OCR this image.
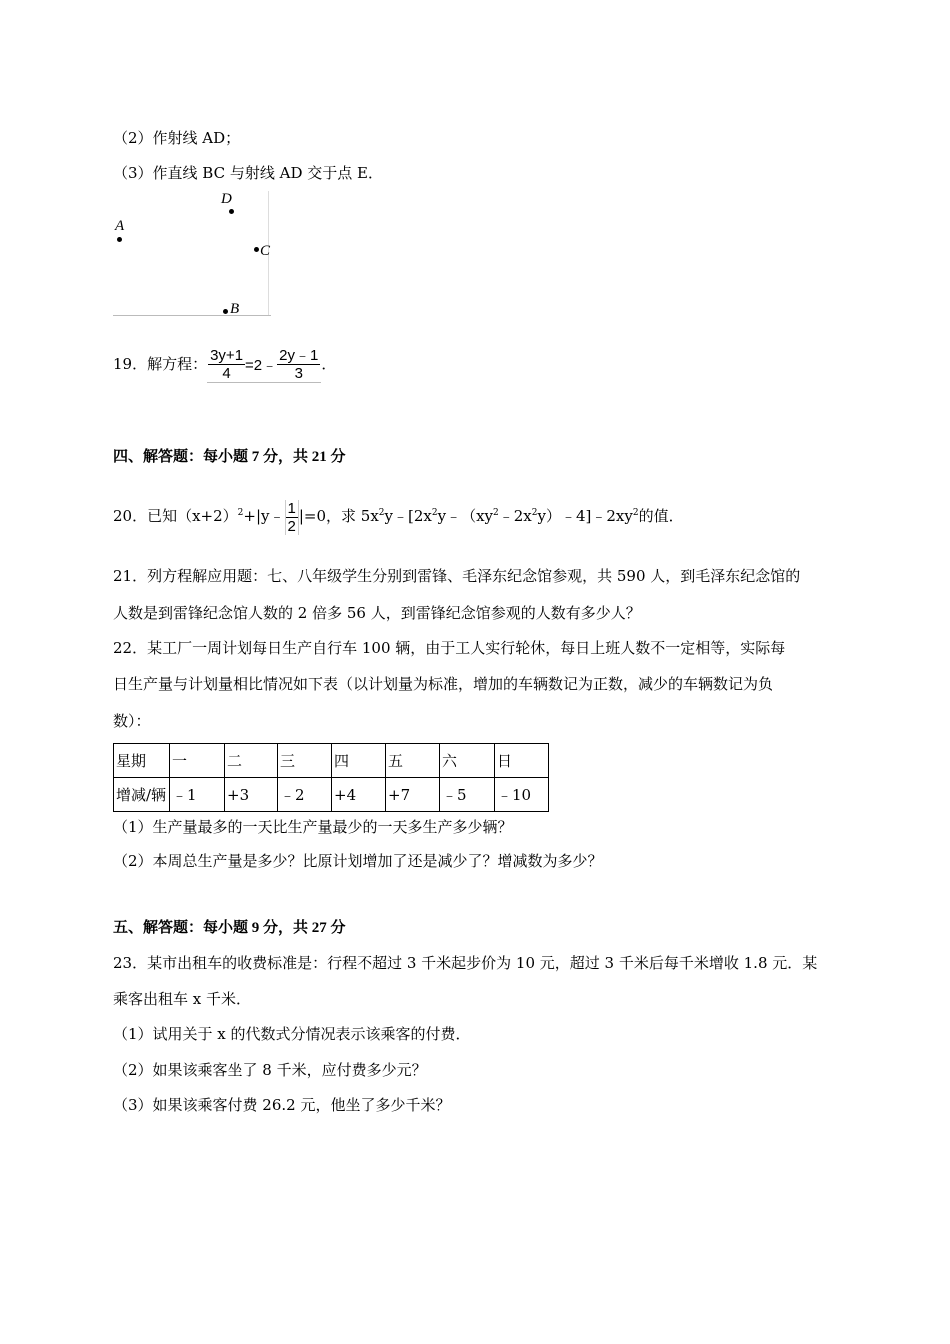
（2）作射线 AD；
（3）作直线 BC 与射线 AD 交于点 E．
D
A
C
B
19．解方程： $\frac{3y+1}{4}$ =2﹣ $\frac{2y﹣1}{3}$ ．
四、解答题：每小题 7 分，共 21 分
20．已知$(x+2)^2+|y﹣ \frac{1}{2} |=0$，求 $5x^2y﹣[2x^2y﹣(xy^2﹣2x^2y)﹣4]﹣2xy^2$的值．
21．列方程解应用题：七、八年级学生分别到雷锋、毛泽东纪念馆参观，共 590 人，到毛泽东纪念馆的
人数是到雷锋纪念馆人数的 2 倍多 56 人，到雷锋纪念馆参观的人数有多少人？
22．某工厂一周计划每日生产自行车 100 辆，由于工人实行轮休，每日上班人数不一定相等，实际每
日生产量与计划量相比情况如下表（以计划量为标准，增加的车辆数记为正数，减少的车辆数记为负
数）：
星期	一	二	三	四	五	六	日
增减/辆	﹣1	+3	﹣2	+4	+7	﹣5	﹣10
（1）生产量最多的一天比生产量最少的一天多生产多少辆？
（2）本周总生产量是多少？比原计划增加了还是减少了？增减数为多少？
五、解答题：每小题 9 分，共 27 分
23．某市出租车的收费标准是：行程不超过 3 千米起步价为 10 元，超过 3 千米后每千米增收 1.8 元．某
乘客出租车 x 千米．
（1）试用关于 x 的代数式分情况表示该乘客的付费．
（2）如果该乘客坐了 8 千米，应付费多少元？
（3）如果该乘客付费 26.2 元，他坐了多少千米？
